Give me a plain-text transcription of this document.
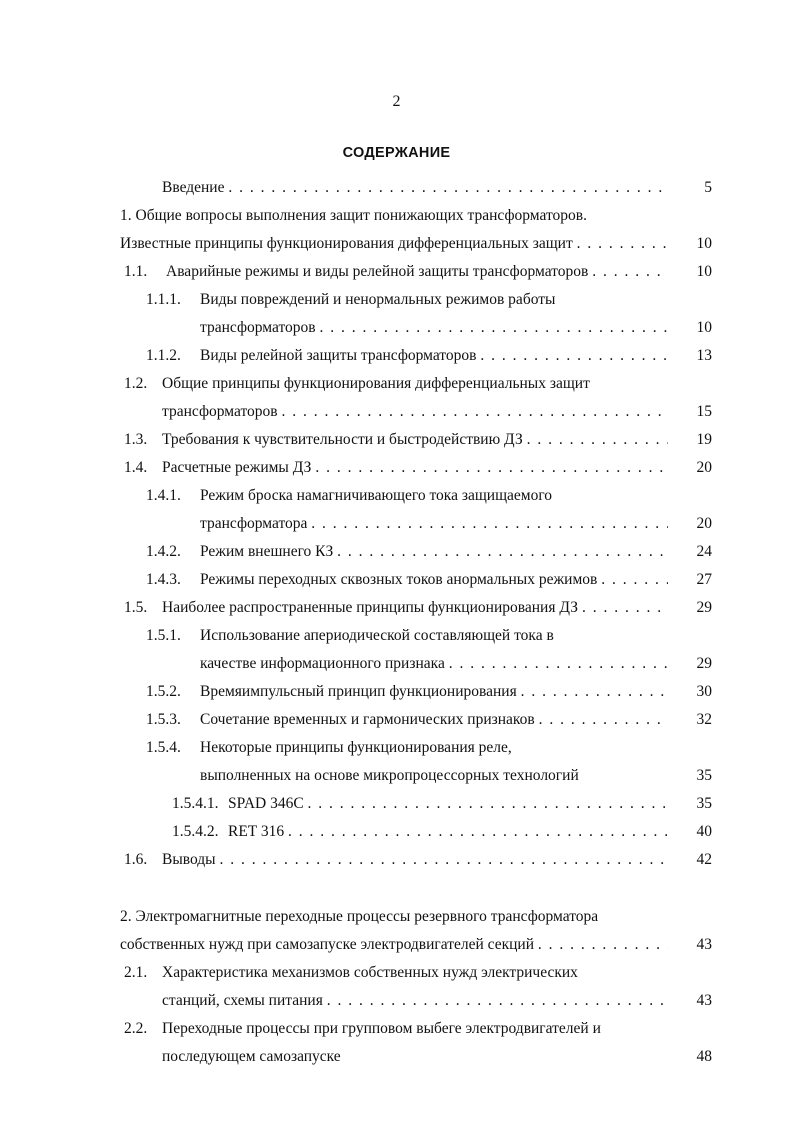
2
СОДЕРЖАНИЕ
Введение . . .	5
1. Общие вопросы выполнения защит понижающих трансформаторов.
Известные принципы функционирования дифференциальных защит . . .	10
1.1. Аварийные режимы и виды релейной защиты трансформаторов . . .	10
1.1.1. Виды повреждений и ненормальных режимов работы
трансформаторов . . .	10
1.1.2. Виды релейной защиты трансформаторов . . .	13
1.2. Общие принципы функционирования дифференциальных защит
трансформаторов . . .	15
1.3. Требования к чувствительности и быстродействию ДЗ . . .	19
1.4. Расчетные режимы ДЗ . . .	20
1.4.1. Режим броска намагничивающего тока защищаемого
трансформатора . . .	20
1.4.2. Режим внешнего КЗ . . .	24
1.4.3. Режимы переходных сквозных токов анормальных режимов . . .	27
1.5. Наиболее распространенные принципы функционирования ДЗ . . .	29
1.5.1. Использование апериодической составляющей тока в
качестве информационного признака . . .	29
1.5.2. Времяимпульсный принцип функционирования . . .	30
1.5.3. Сочетание временных и гармонических признаков . . .	32
1.5.4. Некоторые принципы функционирования реле,
выполненных на основе микропроцессорных технологий	35
1.5.4.1. SPAD 346С . . .	35
1.5.4.2. RET 316 . . .	40
1.6. Выводы . . .	42
2. Электромагнитные переходные процессы резервного трансформатора
собственных нужд при самозапуске электродвигателей секций . . .	43
2.1. Характеристика механизмов собственных нужд электрических
станций, схемы питания . . .	43
2.2. Переходные процессы при групповом выбеге электродвигателей и
последующем самозапуске	48
